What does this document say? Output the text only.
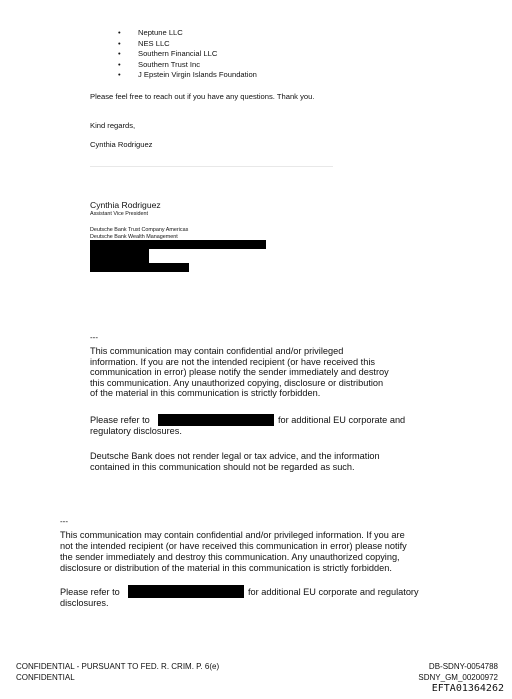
• Neptune LLC
• NES LLC
• Southern Financial LLC
• Southern Trust Inc
• J Epstein Virgin Islands Foundation
Please feel free to reach out if you have any questions. Thank you.
Kind regards,
Cynthia Rodriguez
Cynthia Rodriguez
Assistant Vice President
Deutsche Bank Trust Company Americas
Deutsche Bank Wealth Management
---
This communication may contain confidential and/or privileged
information. If you are not the intended recipient (or have received this
communication in error) please notify the sender immediately and destroy
this communication. Any unauthorized copying, disclosure or distribution
of the material in this communication is strictly forbidden.
Please refer to	for additional EU corporate and
regulatory disclosures.
Deutsche Bank does not render legal or tax advice, and the information
contained in this communication should not be regarded as such.
---
This communication may contain confidential and/or privileged information. If you are
not the intended recipient (or have received this communication in error) please notify
the sender immediately and destroy this communication. Any unauthorized copying,
disclosure or distribution of the material in this communication is strictly forbidden.
Please refer to	for additional EU corporate and regulatory
disclosures.
CONFIDENTIAL - PURSUANT TO FED. R. CRIM. P. 6(e)
CONFIDENTIAL
DB-SDNY-0054788
SDNY_GM_00200972
EFTA01364262
